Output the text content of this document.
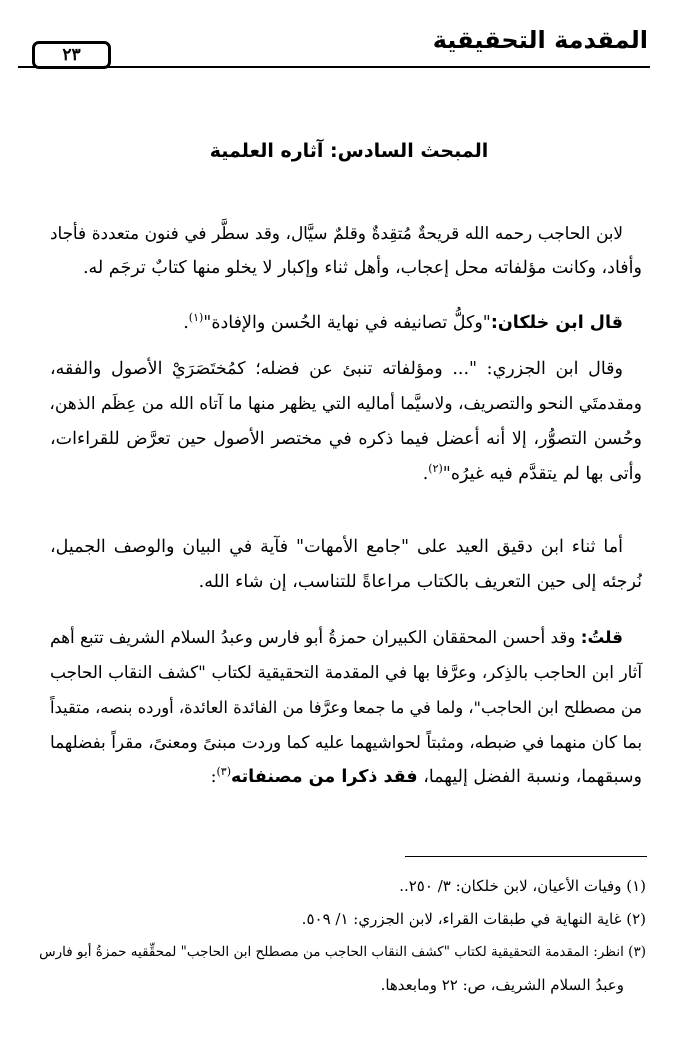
المقدمة التحقيقية
٢٣
المبحث السادس: آثاره العلمية
لابن الحاجب رحمه الله قريحةٌ مُتقِدةٌ وقلمٌ سيَّال، وقد سطَّر في فنون متعددة فأجاد
وأفاد، وكانت مؤلفاته محل إعجاب، وأهل ثناء وإكبار لا يخلو منها كتابٌ ترجَم له.
قال ابن خلكان:"وكلُّ تصانيفه في نهاية الحُسن والإفادة"$^{(١)}$.
وقال ابن الجزري: "... ومؤلفاته تنبئ عن فضله؛ كمُختَصَرَيْ الأصول والفقه،
ومقدمتَي النحو والتصريف، ولاسيَّما أماليه التي يظهر منها ما آتاه الله من عِظَم الذهن،
وحُسن التصوُّر، إلا أنه أعضل فيما ذكره في مختصر الأصول حين تعرَّض للقراءات،
وأتى بها لم يتقدَّم فيه غيرُه"$^{(٢)}$.
أما ثناء ابن دقيق العيد على "جامع الأمهات" فآية في البيان والوصف الجميل،
نُرجئه إلى حين التعريف بالكتاب مراعاةً للتناسب، إن شاء الله.
قلتُ: وقد أحسن المحققان الكبيران حمزةُ أبو فارس وعبدُ السلام الشريف تتبع أهم
آثار ابن الحاجب بالذِكر، وعرَّفا بها في المقدمة التحقيقية لكتاب "كشف النقاب الحاجب
من مصطلح ابن الحاجب"، ولما في ما جمعا وعرَّفا من الفائدة العائدة، أورده بنصه، متقيداً
بما كان منهما في ضبطه، ومثبتاً لحواشيهما عليه كما وردت مبنىً ومعنىً، مقراً بفضلهما
وسبقهما، ونسبة الفضل إليهما، فقد ذكرا من مصنفاته$^{(٣)}$:
(١) وفيات الأعيان، لابن خلكان: ٣/ ٢٥٠..
(٢) غاية النهاية في طبقات القراء، لابن الجزري: ١/ ٥٠٩.
(٣) انظر: المقدمة التحقيقية لكتاب "كشف النقاب الحاجب من مصطلح ابن الحاجب" لمحقِّقيه حمزةُ أبو فارس
وعبدُ السلام الشريف، ص: ٢٢ ومابعدها.
